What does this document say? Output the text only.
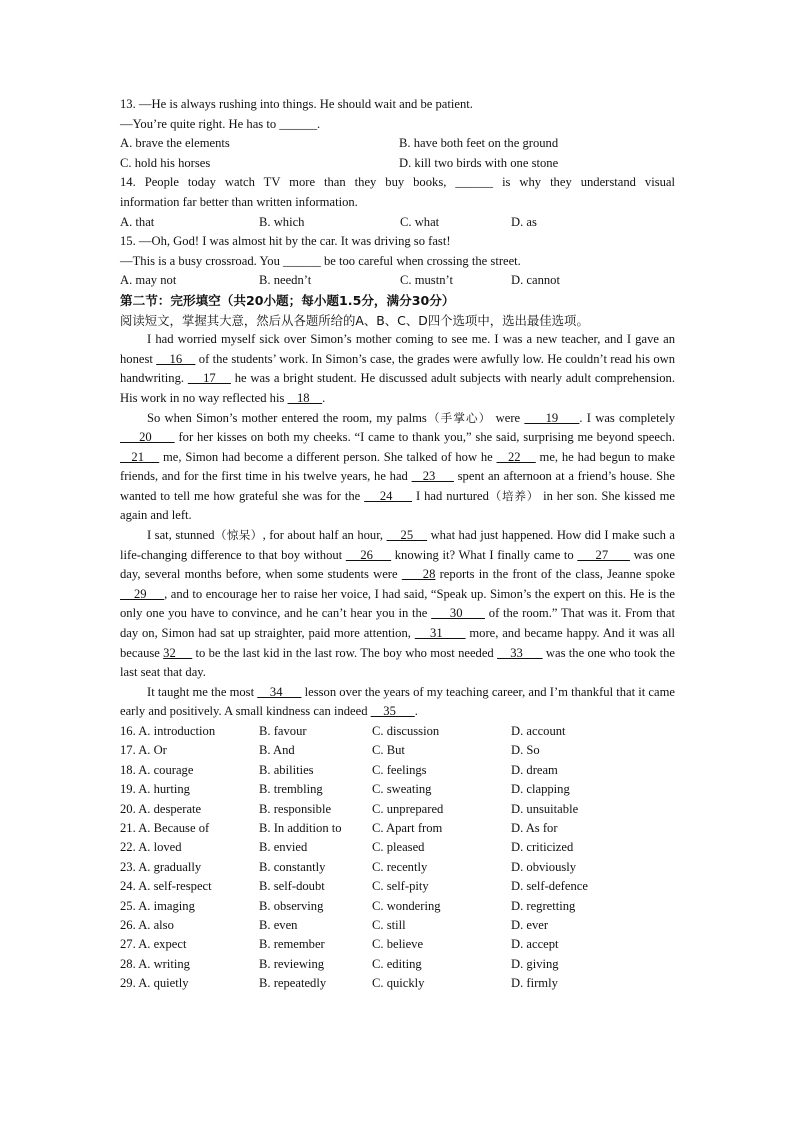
13. —He is always rushing into things. He should wait and be patient.
—You’re quite right. He has to ______.
A. brave the elements	B. have both feet on the ground
C. hold his horses	D. kill two birds with one stone
14. People today watch TV more than they buy books, ______ is why they understand visual
information far better than written information.
A. that	B. which	C. what	D. as
15. —Oh, God! I was almost hit by the car. It was driving so fast!
—This is a busy crossroad. You ______ be too careful when crossing the street.
A. may not	B. needn’t	C. mustn’t	D. cannot
第二节：完形填空（共20小题；每小题1.5分，满分30分）
阅读短文，掌握其大意，然后从各题所给的A、B、C、D四个选项中，选出最佳选项。
I had worried myself sick over Simon’s mother coming to see me. I was a new teacher, and I gave an honest     16     of the students’ work. In Simon’s case, the grades were awfully low. He couldn’t read his own handwriting.     17     he was a bright student. He discussed adult subjects with nearly adult comprehension. His work in no way reflected his    18    .
So when Simon’s mother entered the room, my palms（手掌心） were      19     . I was completely      20       for her kisses on both my cheeks. “I came to thank you,” she said, surprising me beyond speech.    21     me, Simon had become a different person. She talked of how he    22     me, he had begun to make friends, and for the first time in his twelve years, he had    23      spent an afternoon at a friend’s house. She wanted to tell me how grateful she was for the     24      I had nurtured（培养） in her son. She kissed me again and left.
I sat, stunned（惊呆）, for about half an hour,     25     what had just happened. How did I make such a life-changing difference to that boy without     26      knowing it? What I finally came to      27       was one day, several months before, when some students were      28 reports in the front of the class, Jeanne spoke     29     , and to encourage her to raise her voice, I had said, “Speak up. Simon’s the expert on this. He is the only one you have to convince, and he can’t hear you in the      30       of the room.” That was it. From that day on, Simon had sat up straighter, paid more attention,     31       more, and became happy. And it was all because 32      to be the last kid in the last row. The boy who most needed     33       was the one who took the last seat that day.
It taught me the most     34       lesson over the years of my teaching career, and I’m thankful that it came early and positively. A small kindness can indeed     35      .
16. A. introduction	B. favour	C. discussion	D. account
17. A. Or	B. And	C. But	D. So
18. A. courage	B. abilities	C. feelings	D. dream
19. A. hurting	B. trembling	C. sweating	D. clapping
20. A. desperate	B. responsible	C. unprepared	D. unsuitable
21. A. Because of	B. In addition to	C. Apart from	D. As for
22. A. loved	B. envied	C. pleased	D. criticized
23. A. gradually	B. constantly	C. recently	D. obviously
24. A. self-respect	B. self-doubt	C. self-pity	D. self-defence
25. A. imaging	B. observing	C. wondering	D. regretting
26. A. also	B. even	C. still	D. ever
27. A. expect	B. remember	C. believe	D. accept
28. A. writing	B. reviewing	C. editing	D. giving
29. A. quietly	B. repeatedly	C. quickly	D. firmly
